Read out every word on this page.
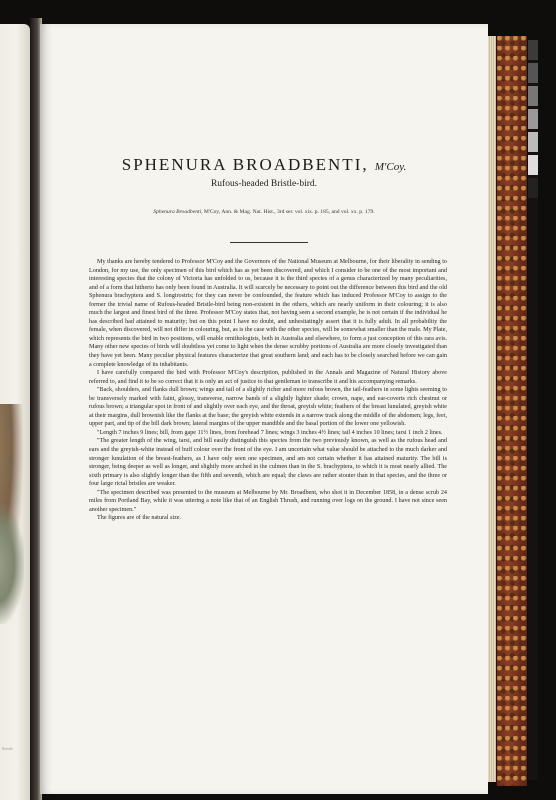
Bristle
SPHENURA BROADBENTI, M'Coy.
Rufous-headed Bristle-bird.
Sphenura Broadbenti, M'Coy, Ann. & Mag. Nat. Hist., 3rd ser. vol. xix. p. 185, and vol. xx. p. 179.

My thanks are hereby tendered to Professor M'Coy and the Governors of the National Museum at Melbourne, for their liberality in sending to London, for my use, the only specimen of this bird which has as yet been discovered, and which I consider to be one of the most important and interesting species that the colony of Victoria has unfolded to us, because it is the third species of a genus characterized by many peculiarities, and of a form that hitherto has only been found in Australia. It will scarcely be necessary to point out the difference between this bird and the old Sphenura brachyptera and S. longirostris; for they can never be confounded, the feature which has induced Professor M'Coy to assign to the former the trivial name of Rufous-headed Bristle-bird being non-existent in the others, which are nearly uniform in their colouring; it is also much the largest and finest bird of the three. Professor M'Coy states that, not having seen a second example, he is not certain if the individual he has described had attained to maturity; but on this point I have no doubt, and unhesitatingly assert that it is fully adult. In all probability the female, when discovered, will not differ in colouring, but, as is the case with the other species, will be somewhat smaller than the male. My Plate, which represents the bird in two positions, will enable ornithologists, both in Australia and elsewhere, to form a just conception of this rara avis. Many other new species of birds will doubtless yet come to light when the dense scrubby portions of Australia are more closely investigated than they have yet been. Many peculiar physical features characterize that great southern land; and each has to be closely searched before we can gain a complete knowledge of its inhabitants.

I have carefully compared the bird with Professor M'Coy's description, published in the Annals and Magazine of Natural History above referred to, and find it to be so correct that it is only an act of justice to that gentleman to transcribe it and his accompanying remarks.

"Back, shoulders, and flanks dull brown; wings and tail of a slightly richer and more rufous brown, the tail-feathers in some lights seeming to be transversely marked with faint, glossy, transverse, narrow bands of a slightly lighter shade; crown, nape, and ear-coverts rich chestnut or rufous brown; a triangular spot in front of and slightly over each eye, and the throat, greyish white; feathers of the breast lunulated, greyish white at their margins, dull brownish like the flanks at the base; the greyish white extends in a narrow track along the middle of the abdomen; legs, feet, upper part, and tip of the bill dark brown; lateral margins of the upper mandible and the basal portion of the lower one yellowish.

"Length 7 inches 9 lines; bill, from gape 11½ lines, from forehead 7 lines; wings 3 inches 4½ lines; tail 4 inches 10 lines; tarsi 1 inch 2 lines.

"The greater length of the wing, tarsi, and bill easily distinguish this species from the two previously known, as well as the rufous head and ears and the greyish-white instead of buff colour over the front of the eye. I am uncertain what value should be attached to the much darker and stronger lunulation of the breast-feathers, as I have only seen one specimen, and am not certain whether it has attained maturity. The bill is stronger, being deeper as well as longer, and slightly more arched in the culmen than in the S. brachyptera, to which it is most nearly allied. The sixth primary is also slightly longer than the fifth and seventh, which are equal; the claws are rather stouter than in that species, and the three or four large rictal bristles are weaker.

"The specimen described was presented to the museum at Melbourne by Mr. Broadbent, who shot it in December 1858, in a dense scrub 24 miles from Portland Bay, while it was uttering a note like that of an English Thrush, and running over logs on the ground. I have not since seen another specimen."

The figures are of the natural size.
